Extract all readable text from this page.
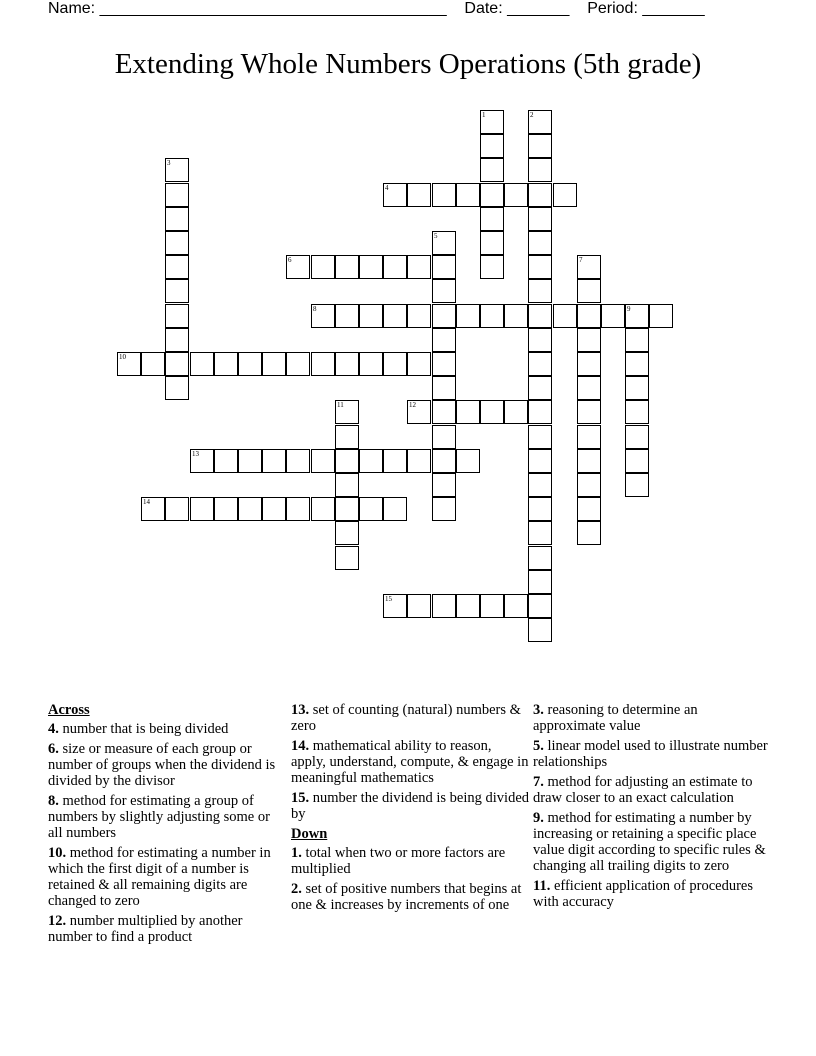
Name: _______________________________________ Date: _______ Period: _______
Extending Whole Numbers Operations (5th grade)
1	2
3
4
5
6	7
8	9
10
11	12
13
14
15
Across
4. number that is being divided
6. size or measure of each group or number of groups when the dividend is divided by the divisor
8. method for estimating a group of numbers by slightly adjusting some or all numbers
10. method for estimating a number in which the first digit of a number is retained & all remaining digits are changed to zero
12. number multiplied by another number to find a product
13. set of counting (natural) numbers & zero
14. mathematical ability to reason, apply, understand, compute, & engage in meaningful mathematics
15. number the dividend is being divided by
Down
1. total when two or more factors are multiplied
2. set of positive numbers that begins at one & increases by increments of one
3. reasoning to determine an approximate value
5. linear model used to illustrate number relationships
7. method for adjusting an estimate to draw closer to an exact calculation
9. method for estimating a number by increasing or retaining a specific place value digit according to specific rules & changing all trailing digits to zero
11. efficient application of procedures with accuracy
